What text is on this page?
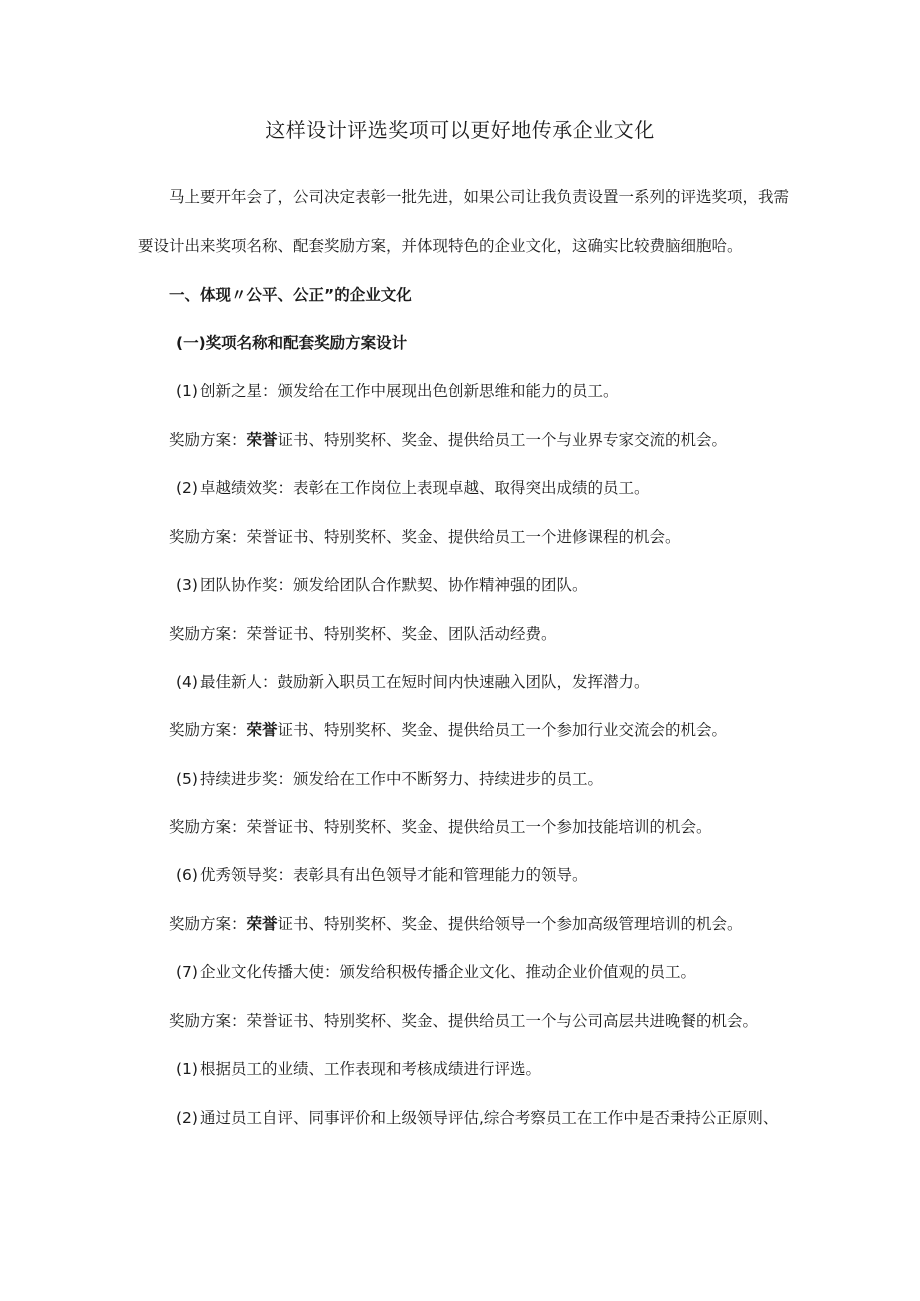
这样设计评选奖项可以更好地传承企业文化
马上要开年会了，公司决定表彰一批先进，如果公司让我负责设置一系列的评选奖项，我需
要设计出来奖项名称、配套奖励方案，并体现特色的企业文化，这确实比较费脑细胞哈。
一、体现〃公平、公正”的企业文化
(一)奖项名称和配套奖励方案设计
(1) 创新之星：颁发给在工作中展现出色创新思维和能力的员工。
奖励方案：荣誉证书、特别奖杯、奖金、提供给员工一个与业界专家交流的机会。
(2) 卓越绩效奖：表彰在工作岗位上表现卓越、取得突出成绩的员工。
奖励方案：荣誉证书、特别奖杯、奖金、提供给员工一个进修课程的机会。
(3) 团队协作奖：颁发给团队合作默契、协作精神强的团队。
奖励方案：荣誉证书、特别奖杯、奖金、团队活动经费。
(4) 最佳新人：鼓励新入职员工在短时间内快速融入团队，发挥潜力。
奖励方案：荣誉证书、特别奖杯、奖金、提供给员工一个参加行业交流会的机会。
(5) 持续进步奖：颁发给在工作中不断努力、持续进步的员工。
奖励方案：荣誉证书、特别奖杯、奖金、提供给员工一个参加技能培训的机会。
(6) 优秀领导奖：表彰具有出色领导才能和管理能力的领导。
奖励方案：荣誉证书、特别奖杯、奖金、提供给领导一个参加高级管理培训的机会。
(7) 企业文化传播大使：颁发给积极传播企业文化、推动企业价值观的员工。
奖励方案：荣誉证书、特别奖杯、奖金、提供给员工一个与公司高层共进晚餐的机会。
(1) 根据员工的业绩、工作表现和考核成绩进行评选。
(2) 通过员工自评、同事评价和上级领导评估,综合考察员工在工作中是否秉持公正原则、
